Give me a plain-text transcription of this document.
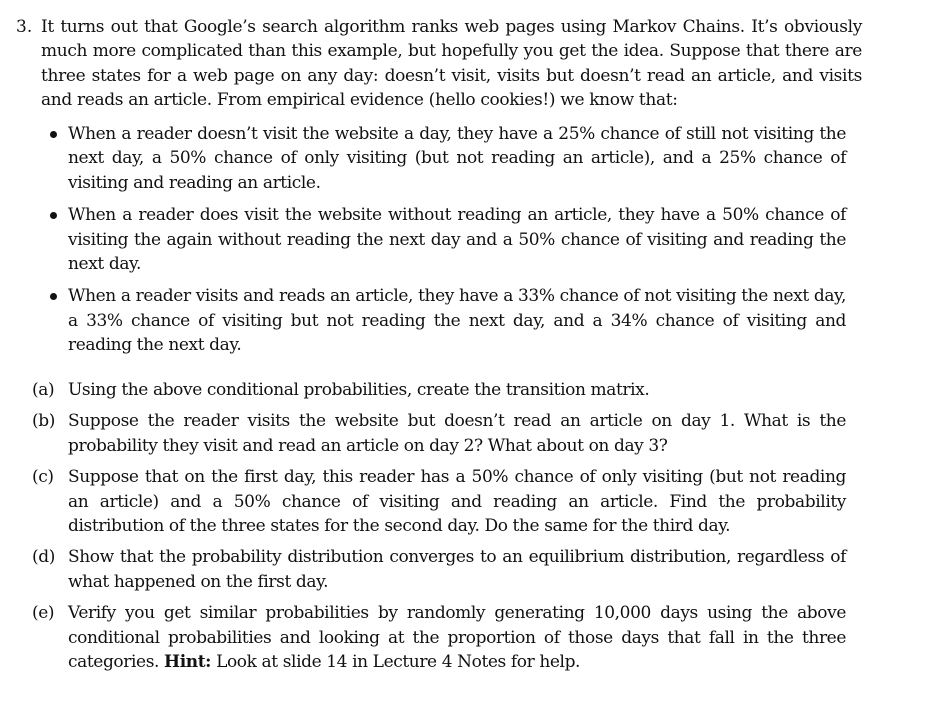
3. It turns out that Google’s search algorithm ranks web pages using Markov Chains. It’s obviously much more complicated than this example, but hopefully you get the idea. Suppose that there are three states for a web page on any day: doesn’t visit, visits but doesn’t read an article, and visits and reads an article. From empirical evidence (hello cookies!) we know that:

When a reader doesn’t visit the website a day, they have a 25% chance of still not visiting the next day, a 50% chance of only visiting (but not reading an article), and a 25% chance of visiting and reading an article.
When a reader does visit the website without reading an article, they have a 50% chance of visiting the again without reading the next day and a 50% chance of visiting and reading the next day.
When a reader visits and reads an article, they have a 33% chance of not visiting the next day, a 33% chance of visiting but not reading the next day, and a 34% chance of visiting and reading the next day.
(a) Using the above conditional probabilities, create the transition matrix.
(b) Suppose the reader visits the website but doesn’t read an article on day 1. What is the probability they visit and read an article on day 2? What about on day 3?
(c) Suppose that on the first day, this reader has a 50% chance of only visiting (but not reading an article) and a 50% chance of visiting and reading an article. Find the probability distribution of the three states for the second day. Do the same for the third day.
(d) Show that the probability distribution converges to an equilibrium distribution, regardless of what happened on the first day.
(e) Verify you get similar probabilities by randomly generating 10,000 days using the above conditional probabilities and looking at the proportion of those days that fall in the three categories. Hint: Look at slide 14 in Lecture 4 Notes for help.
